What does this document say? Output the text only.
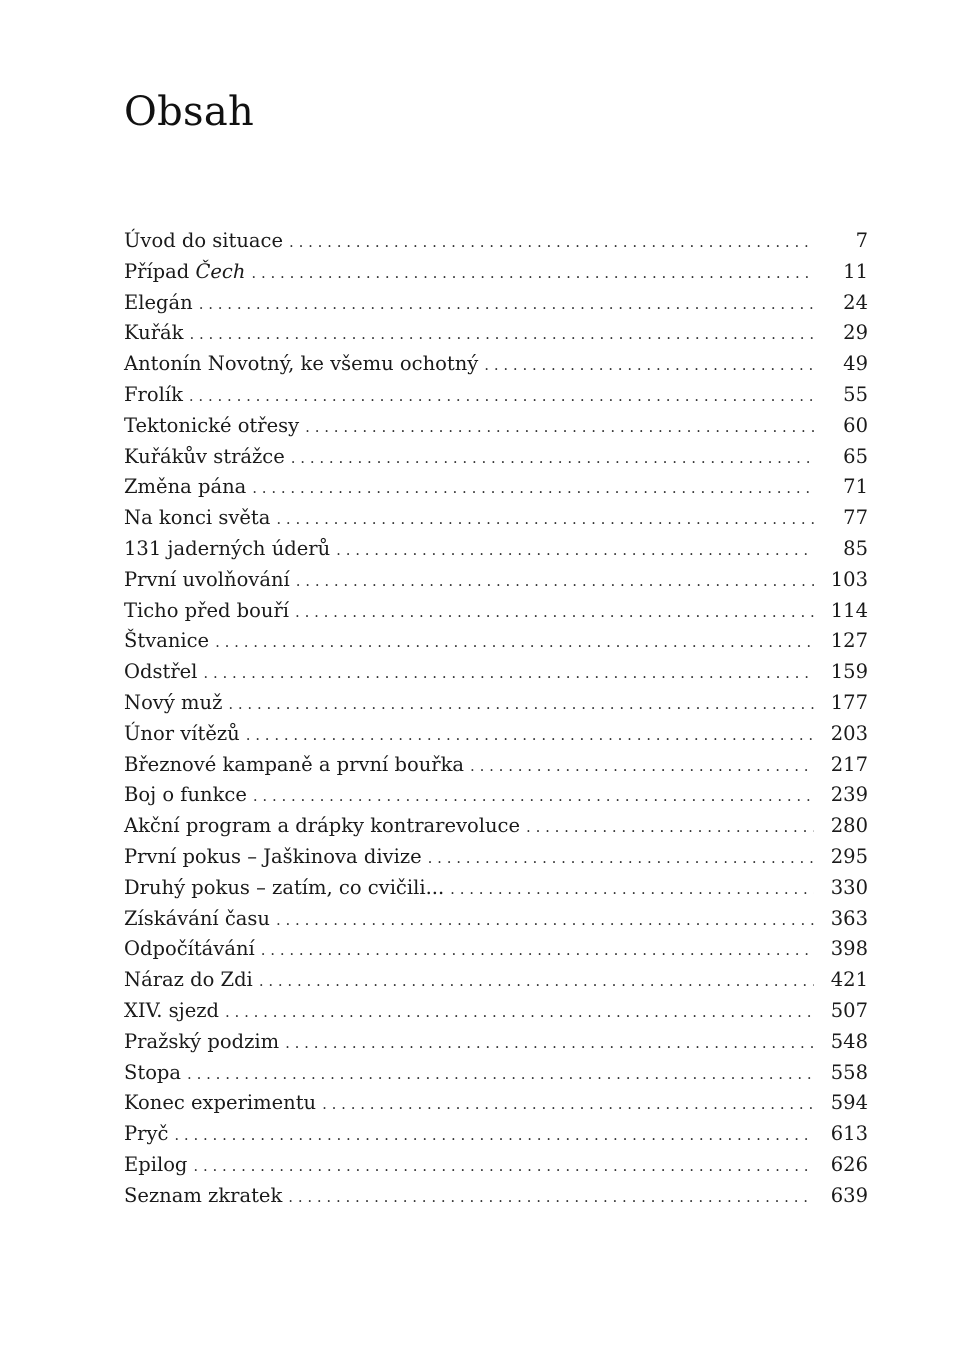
Obsah
Úvod do situace . . .	7
Případ Čech . . .	11
Elegán . . .	24
Kuřák . . .	29
Antonín Novotný, ke všemu ochotný . . .	49
Frolík . . .	55
Tektonické otřesy . . .	60
Kuřákův strážce . . .	65
Změna pána . . .	71
Na konci světa . . .	77
131 jaderných úderů . . .	85
První uvolňování . . .	103
Ticho před bouří . . .	114
Štvanice . . .	127
Odstřel . . .	159
Nový muž . . .	177
Únor vítězů . . .	203
Březnové kampaně a první bouřka . . .	217
Boj o funkce . . .	239
Akční program a drápky kontrarevoluce . . .	280
První pokus – Jaškinova divize . . .	295
Druhý pokus – zatím, co cvičili... . . .	330
Získávání času . . .	363
Odpočítávání . . .	398
Náraz do Zdi . . .	421
XIV. sjezd . . .	507
Pražský podzim . . .	548
Stopa . . .	558
Konec experimentu . . .	594
Pryč . . .	613
Epilog . . .	626
Seznam zkratek . . .	639
